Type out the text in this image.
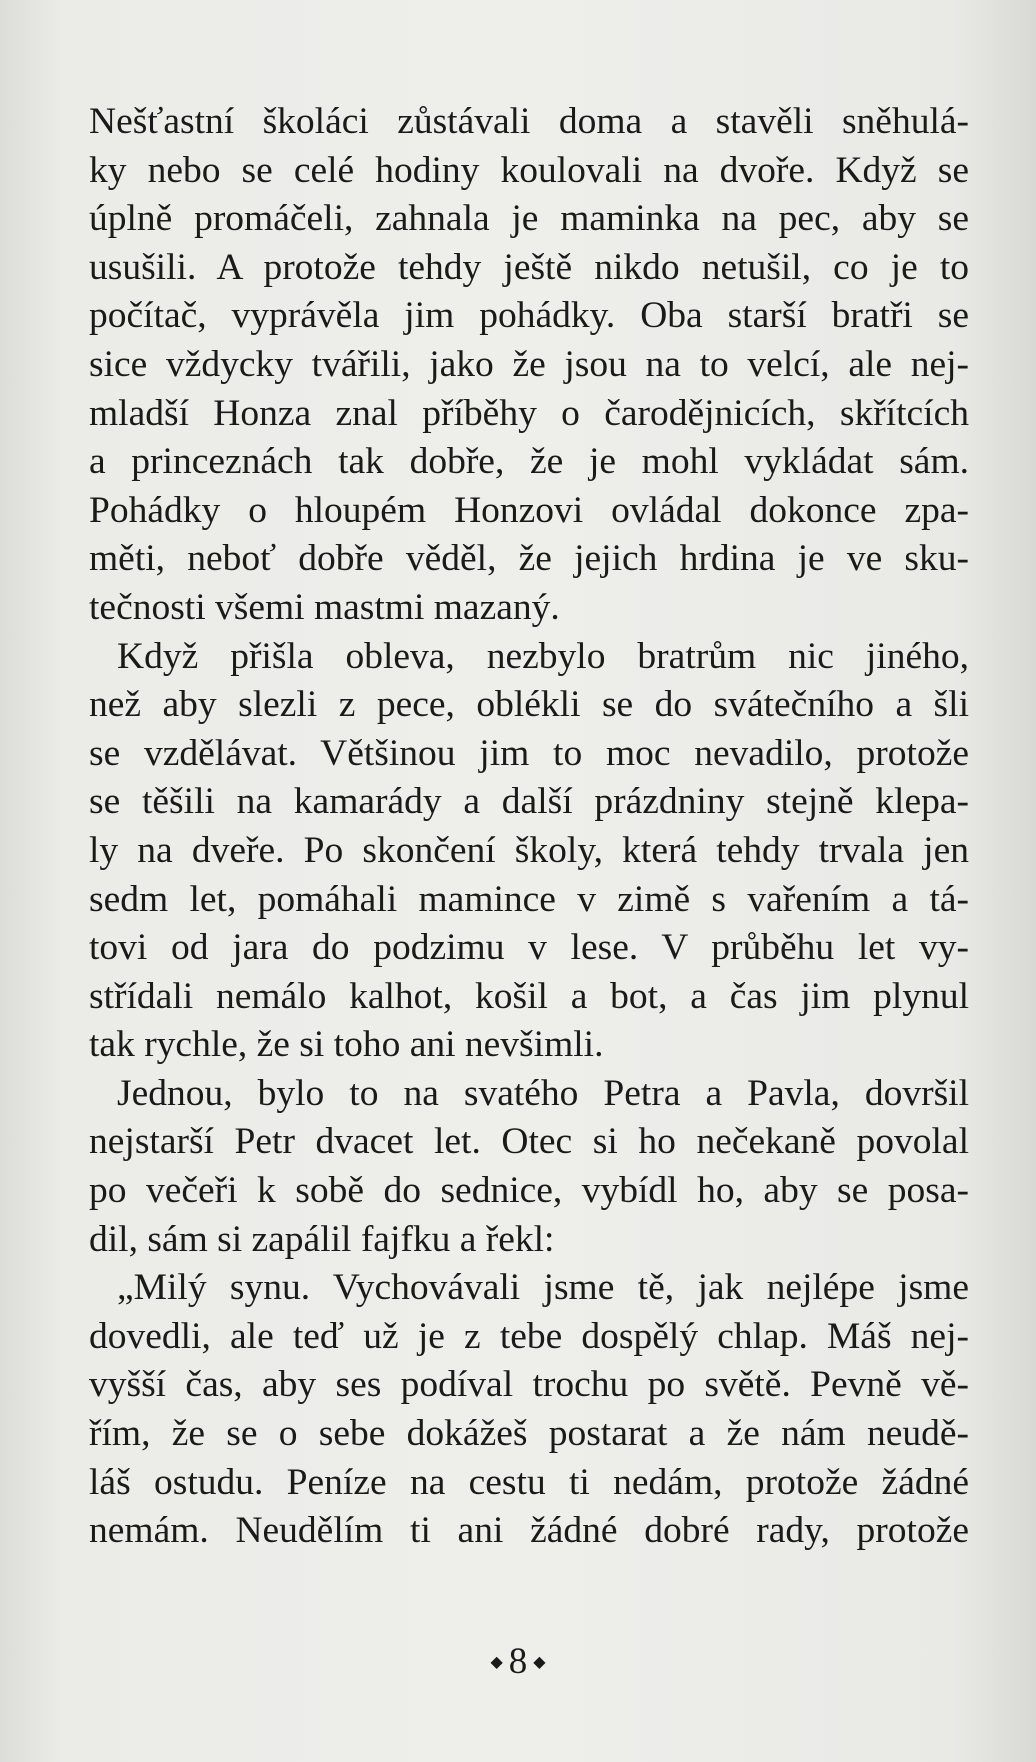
Nešťastní školáci zůstávali doma a stavěli sněhulá-
ky nebo se celé hodiny koulovali na dvoře. Když se
úplně promáčeli, zahnala je maminka na pec, aby se
usušili. A protože tehdy ještě nikdo netušil, co je to
počítač, vyprávěla jim pohádky. Oba starší bratři se
sice vždycky tvářili, jako že jsou na to velcí, ale nej-
mladší Honza znal příběhy o čarodějnicích, skřítcích
a princeznách tak dobře, že je mohl vykládat sám.
Pohádky o hloupém Honzovi ovládal dokonce zpa-
měti, neboť dobře věděl, že jejich hrdina je ve sku-
tečnosti všemi mastmi mazaný.
Když přišla obleva, nezbylo bratrům nic jiného,
než aby slezli z pece, oblékli se do svátečního a šli
se vzdělávat. Většinou jim to moc nevadilo, protože
se těšili na kamarády a další prázdniny stejně klepa-
ly na dveře. Po skončení školy, která tehdy trvala jen
sedm let, pomáhali mamince v zimě s vařením a tá-
tovi od jara do podzimu v lese. V průběhu let vy-
střídali nemálo kalhot, košil a bot, a čas jim plynul
tak rychle, že si toho ani nevšimli.
Jednou, bylo to na svatého Petra a Pavla, dovršil
nejstarší Petr dvacet let. Otec si ho nečekaně povolal
po večeři k sobě do sednice, vybídl ho, aby se posa-
dil, sám si zapálil fajfku a řekl:
„Milý synu. Vychovávali jsme tě, jak nejlépe jsme
dovedli, ale teď už je z tebe dospělý chlap. Máš nej-
vyšší čas, aby ses podíval trochu po světě. Pevně vě-
řím, že se o sebe dokážeš postarat a že nám neudě-
láš ostudu. Peníze na cestu ti nedám, protože žádné
nemám. Neudělím ti ani žádné dobré rady, protože
◆ 8 ◆
